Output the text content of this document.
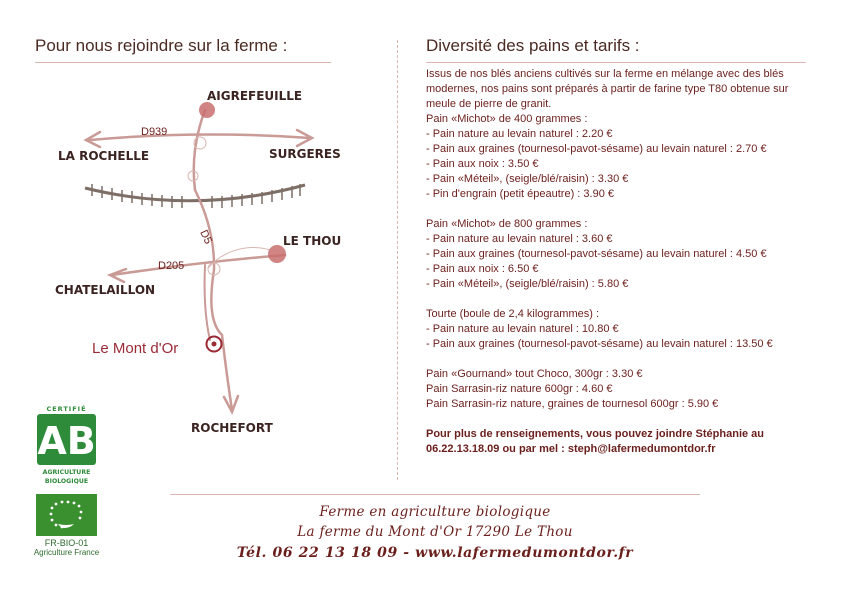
Pour nous rejoindre sur la ferme :	Diversité des pains et tarifs :
AIGREFEUILLE
LA ROCHELLE	SURGERES
LE THOU
CHATELAILLON
ROCHEFORT
D939
D5
D205
Le Mont d'Or
CERTIFIÉ
AB
AGRICULTURE
BIOLOGIQUE
FR-BIO-01
Agriculture France

Issus de nos blés anciens cultivés sur la ferme en mélange avec des blés modernes, nos pains sont préparés à partir de farine type T80 obtenue sur meule de pierre de granit.

Pain «Michot» de 400 grammes :

- Pain nature au levain naturel : 2.20 €

- Pain aux graines (tournesol-pavot-sésame) au levain naturel : 2.70 €

- Pain aux noix : 3.50 €

- Pain «Méteil», (seigle/blé/raisin) : 3.30 €

- Pin d'engrain (petit épeautre) : 3.90 €

Pain «Michot» de 800 grammes :

- Pain nature au levain naturel : 3.60 €

- Pain aux graines (tournesol-pavot-sésame) au levain naturel : 4.50 €

- Pain aux noix : 6.50 €

- Pain «Méteil», (seigle/blé/raisin) : 5.80 €

Tourte (boule de 2,4 kilogrammes) :

- Pain nature au levain naturel : 10.80 €

- Pain aux graines (tournesol-pavot-sésame) au levain naturel : 13.50 €

Pain «Gournand» tout Choco, 300gr : 3.30 €

Pain Sarrasin-riz nature 600gr : 4.60 €

Pain Sarrasin-riz nature, graines de tournesol 600gr : 5.90 €

Pour plus de renseignements, vous pouvez joindre Stéphanie au

06.22.13.18.09 ou par mel : steph@lafermedumontdor.fr

Ferme en agriculture biologique
La ferme du Mont d'Or 17290 Le Thou
Tél. 06 22 13 18 09 - www.lafermedumontdor.fr
